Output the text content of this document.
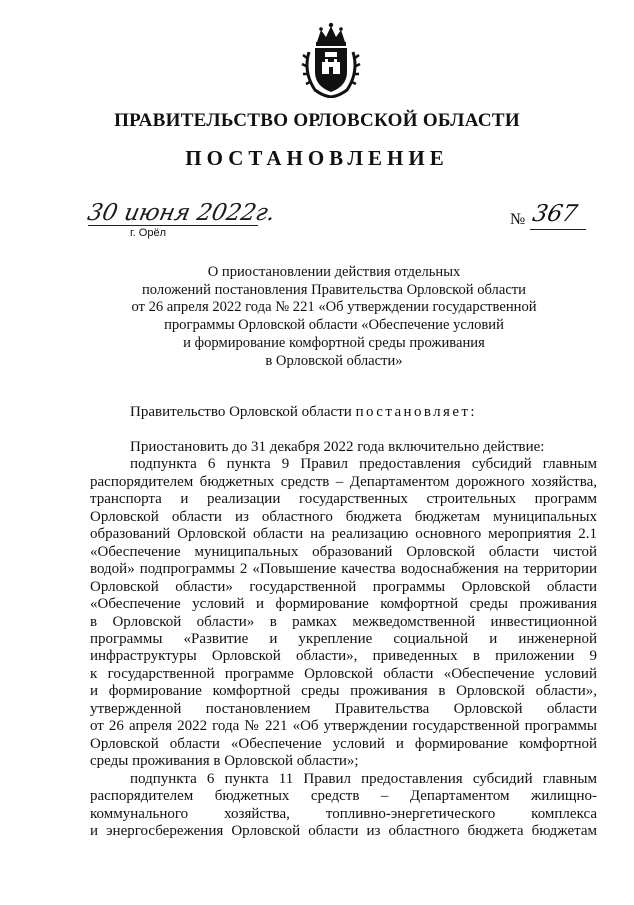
ПРАВИТЕЛЬСТВО ОРЛОВСКОЙ ОБЛАСТИ
ПОСТАНОВЛЕНИЕ
30 июня 2022г.
г. Орёл
№ 367
О приостановлении действия отдельных
положений постановления Правительства Орловской области
от 26 апреля 2022 года № 221 «Об утверждении государственной
программы Орловской области «Обеспечение условий
и формирование комфортной среды проживания
в Орловской области»
Правительство Орловской области постановляет:
Приостановить до 31 декабря 2022 года включительно действие:
подпункта 6 пункта 9 Правил предоставления субсидий главным
распорядителем бюджетных средств – Департаментом дорожного хозяйства,
транспорта и реализации государственных строительных программ
Орловской области из областного бюджета бюджетам муниципальных
образований Орловской области на реализацию основного мероприятия 2.1
«Обеспечение муниципальных образований Орловской области чистой
водой» подпрограммы 2 «Повышение качества водоснабжения на территории
Орловской области» государственной программы Орловской области
«Обеспечение условий и формирование комфортной среды проживания
в Орловской области» в рамках межведомственной инвестиционной
программы «Развитие и укрепление социальной и инженерной
инфраструктуры Орловской области», приведенных в приложении 9
к государственной программе Орловской области «Обеспечение условий
и формирование комфортной среды проживания в Орловской области»,
утвержденной постановлением Правительства Орловской области
от 26 апреля 2022 года № 221 «Об утверждении государственной программы
Орловской области «Обеспечение условий и формирование комфортной
среды проживания в Орловской области»;
подпункта 6 пункта 11 Правил предоставления субсидий главным
распорядителем бюджетных средств – Департаментом жилищно-
коммунального хозяйства, топливно-энергетического комплекса
и энергосбережения Орловской области из областного бюджета бюджетам
